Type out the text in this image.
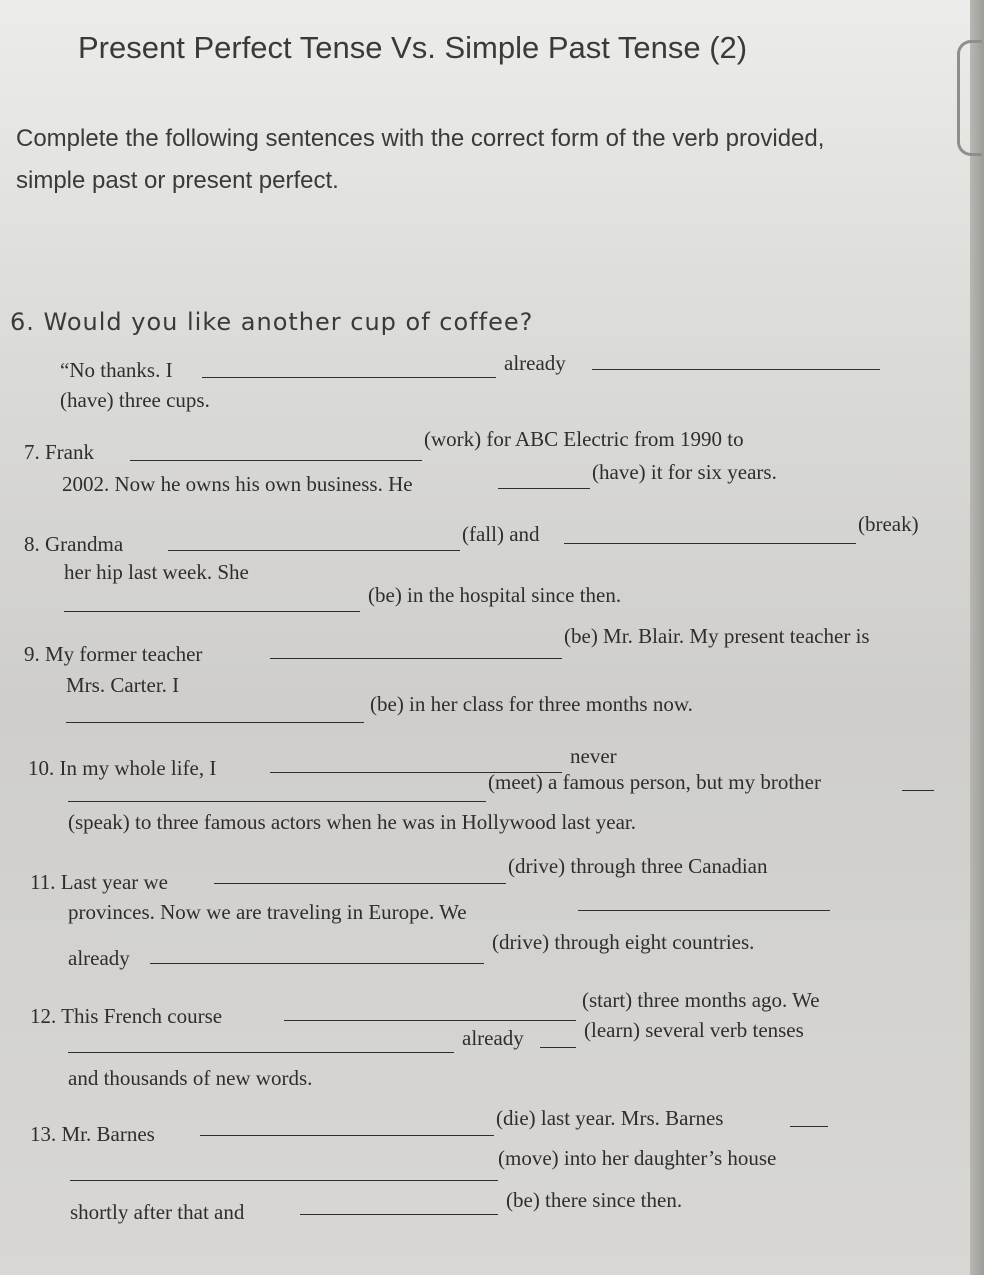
Present Perfect Tense Vs. Simple Past Tense (2)
Complete the following sentences with the correct form of the verb provided, simple past or present perfect.
6. Would you like another cup of coffee?
“No thanks. I	already
(have) three cups.
7. Frank
(work) for ABC Electric from 1990 to
2002. Now he owns his own business. He	(have) it for six years.
8. Grandma	(fall) and	(break)
her hip last week. She
(be) in the hospital since then.
9. My former teacher
(be) Mr. Blair. My present teacher is
Mrs. Carter. I
(be) in her class for three months now.
10. In my whole life, I	never
(meet) a famous person, but my brother
(speak) to three famous actors when he was in Hollywood last year.
11. Last year we
(drive) through three Canadian
provinces. Now we are traveling in Europe. We
already
(drive) through eight countries.
12. This French course
(start) three months ago. We
already	(learn) several verb tenses
and thousands of new words.
13. Mr. Barnes
(die) last year. Mrs. Barnes
(move) into her daughter’s house
shortly after that and	(be) there since then.
